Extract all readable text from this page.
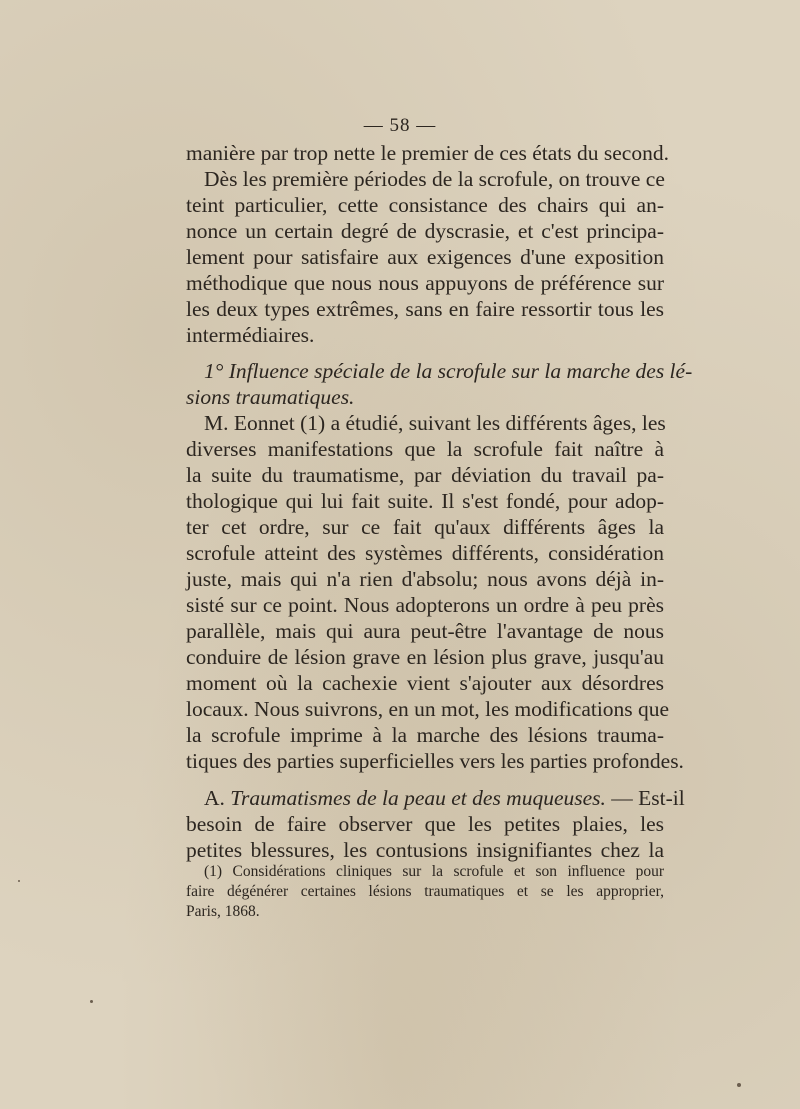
— 58 —
manière par trop nette le premier de ces états du second.
Dès les première périodes de la scrofule, on trouve ce
teint particulier, cette consistance des chairs qui an-
nonce un certain degré de dyscrasie, et c'est principa-
lement pour satisfaire aux exigences d'une exposition
méthodique que nous nous appuyons de préférence sur
les deux types extrêmes, sans en faire ressortir tous les
intermédiaires.
1° Influence spéciale de la scrofule sur la marche des lé-
sions traumatiques.
M. Eonnet (1) a étudié, suivant les différents âges, les
diverses manifestations que la scrofule fait naître à
la suite du traumatisme, par déviation du travail pa-
thologique qui lui fait suite. Il s'est fondé, pour adop-
ter cet ordre, sur ce fait qu'aux différents âges la
scrofule atteint des systèmes différents, considération
juste, mais qui n'a rien d'absolu; nous avons déjà in-
sisté sur ce point. Nous adopterons un ordre à peu près
parallèle, mais qui aura peut-être l'avantage de nous
conduire de lésion grave en lésion plus grave, jusqu'au
moment où la cachexie vient s'ajouter aux désordres
locaux. Nous suivrons, en un mot, les modifications que
la scrofule imprime à la marche des lésions trauma-
tiques des parties superficielles vers les parties profondes.
A. Traumatismes de la peau et des muqueuses. — Est-il
besoin de faire observer que les petites plaies, les
petites blessures, les contusions insignifiantes chez la
(1) Considérations cliniques sur la scrofule et son influence pour
faire dégénérer certaines lésions traumatiques et se les approprier,
Paris, 1868.
